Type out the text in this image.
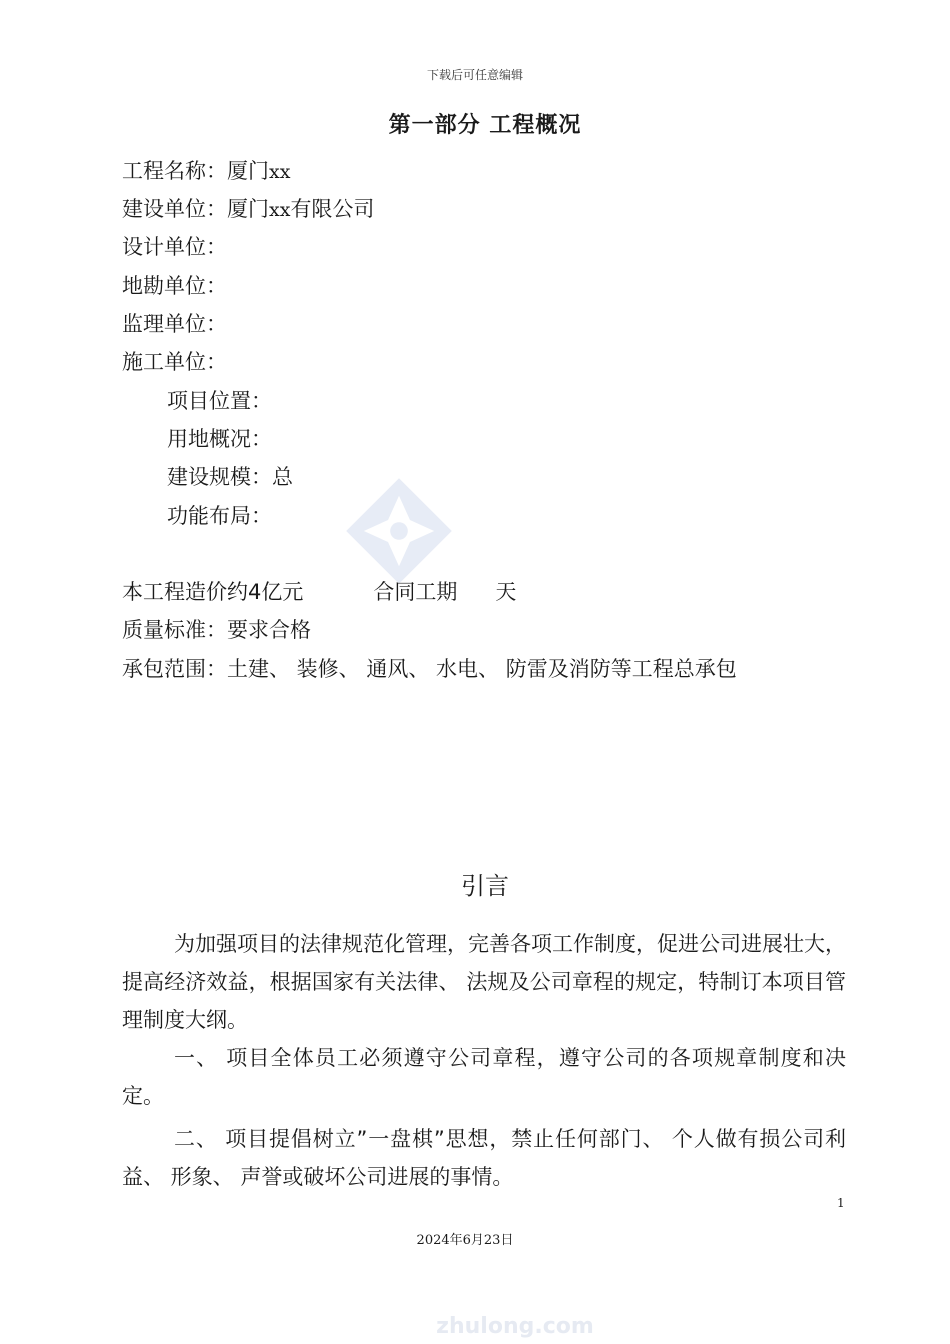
下载后可任意编辑
第一部分 工程概况
工程名称：厦门xx
建设单位：厦门xx有限公司
设计单位：
地勘单位：
监理单位：
施工单位：
项目位置：
用地概况：
建设规模：总
功能布局：
本工程造价约4亿元	合同工期 天
质量标准：要求合格
承包范围：土建、 装修、 通风、 水电、 防雷及消防等工程总承包
引言
为加强项目的法律规范化管理，完善各项工作制度，促进公司进展壮大，提高经济效益，根据国家有关法律、 法规及公司章程的规定，特制订本项目管理制度大纲。
一、 项目全体员工必须遵守公司章程，遵守公司的各项规章制度和决定。
二、 项目提倡树立”一盘棋”思想，禁止任何部门、 个人做有损公司利益、 形象、 声誉或破坏公司进展的事情。
1
2024年6月23日
zhulong.com
